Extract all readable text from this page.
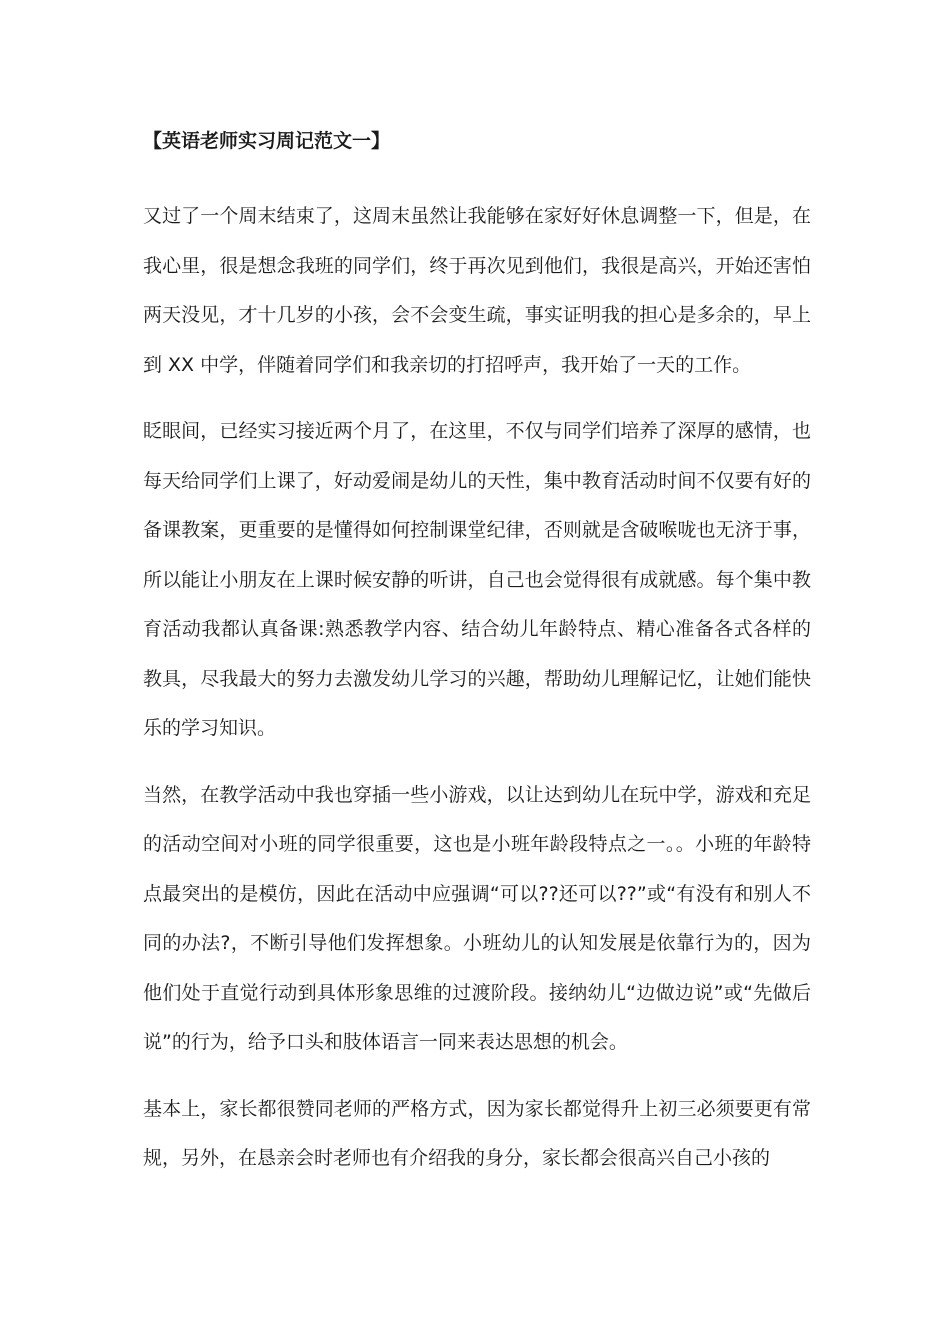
【英语老师实习周记范文一】

又过了一个周末结束了，这周末虽然让我能够在家好好休息调整一下，但是，在我心里，很是想念我班的同学们，终于再次见到他们，我很是高兴，开始还害怕两天没见，才十几岁的小孩，会不会变生疏，事实证明我的担心是多余的，早上到 XX 中学，伴随着同学们和我亲切的打招呼声，我开始了一天的工作。

眨眼间，已经实习接近两个月了，在这里，不仅与同学们培养了深厚的感情，也每天给同学们上课了，好动爱闹是幼儿的天性，集中教育活动时间不仅要有好的备课教案，更重要的是懂得如何控制课堂纪律，否则就是含破喉咙也无济于事，所以能让小朋友在上课时候安静的听讲，自己也会觉得很有成就感。每个集中教育活动我都认真备课:熟悉教学内容、结合幼儿年龄特点、精心准备各式各样的教具，尽我最大的努力去激发幼儿学习的兴趣，帮助幼儿理解记忆，让她们能快乐的学习知识。

当然，在教学活动中我也穿插一些小游戏，以让达到幼儿在玩中学，游戏和充足的活动空间对小班的同学很重要，这也是小班年龄段特点之一。。小班的年龄特点最突出的是模仿，因此在活动中应强调“可以??还可以??”或“有没有和别人不同的办法?，不断引导他们发挥想象。小班幼儿的认知发展是依靠行为的，因为他们处于直觉行动到具体形象思维的过渡阶段。接纳幼儿“边做边说”或“先做后说”的行为，给予口头和肢体语言一同来表达思想的机会。

基本上，家长都很赞同老师的严格方式，因为家长都觉得升上初三必须要更有常规，另外，在恳亲会时老师也有介绍我的身分，家长都会很高兴自己小孩的
